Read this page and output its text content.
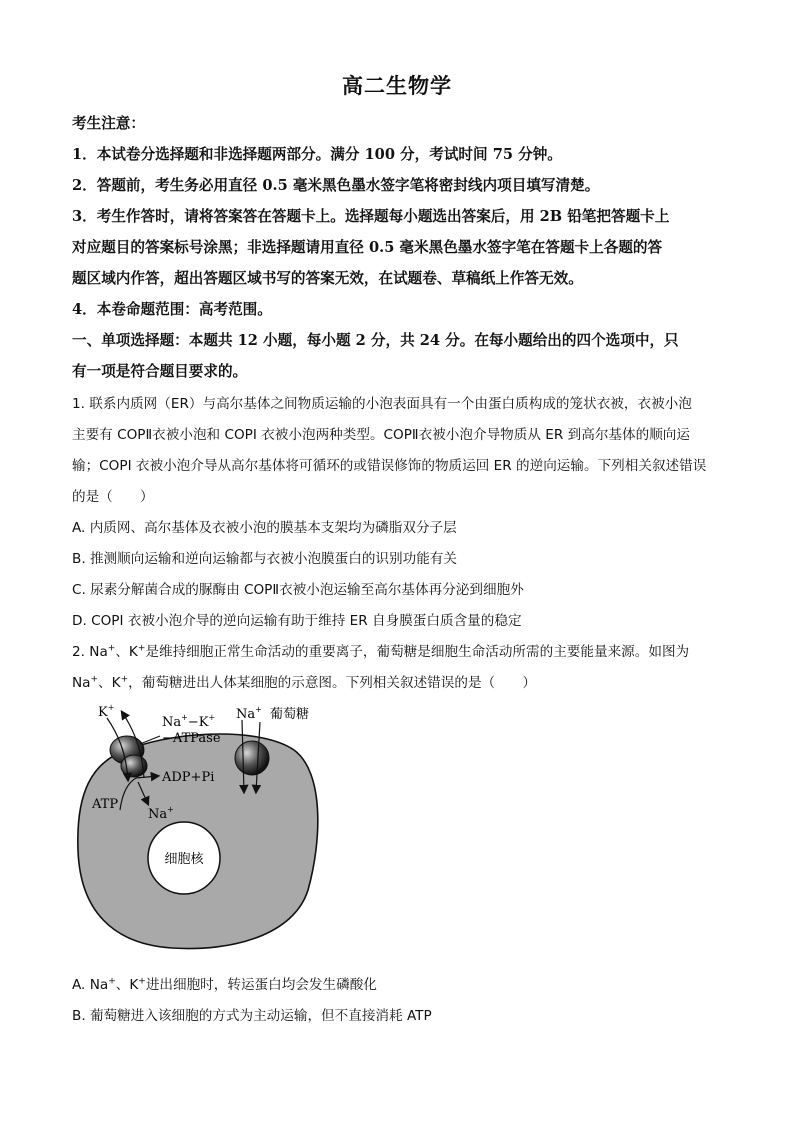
高二生物学
考生注意：
1．本试卷分选择题和非选择题两部分。满分 100 分，考试时间 75 分钟。
2．答题前，考生务必用直径 0.5 毫米黑色墨水签字笔将密封线内项目填写清楚。
3．考生作答时，请将答案答在答题卡上。选择题每小题选出答案后，用 2B 铅笔把答题卡上
对应题目的答案标号涂黑；非选择题请用直径 0.5 毫米黑色墨水签字笔在答题卡上各题的答
题区域内作答，超出答题区域书写的答案无效，在试题卷、草稿纸上作答无效。
4．本卷命题范围：高考范围。
一、单项选择题：本题共 12 小题，每小题 2 分，共 24 分。在每小题给出的四个选项中，只
有一项是符合题目要求的。
1. 联系内质网（ER）与高尔基体之间物质运输的小泡表面具有一个由蛋白质构成的笼状衣被，衣被小泡
主要有 COPⅡ衣被小泡和 COPI 衣被小泡两种类型。COPⅡ衣被小泡介导物质从 ER 到高尔基体的顺向运
输；COPI 衣被小泡介导从高尔基体将可循环的或错误修饰的物质运回 ER 的逆向运输。下列相关叙述错误
的是（　　）
A. 内质网、高尔基体及衣被小泡的膜基本支架均为磷脂双分子层
B. 推测顺向运输和逆向运输都与衣被小泡膜蛋白的识别功能有关
C. 尿素分解菌合成的脲酶由 COPⅡ衣被小泡运输至高尔基体再分泌到细胞外
D. COPI 衣被小泡介导的逆向运输有助于维持 ER 自身膜蛋白质含量的稳定
2. Na+、K+是维持细胞正常生命活动的重要离子，葡萄糖是细胞生命活动所需的主要能量来源。如图为
Na+、K+，葡萄糖进出人体某细胞的示意图。下列相关叙述错误的是（　　）
细胞核
K+
Na+−K+
−ATPase
Na+ 葡萄糖
ADP+Pi
ATP
Na+
A. Na+、K+进出细胞时，转运蛋白均会发生磷酸化
B. 葡萄糖进入该细胞的方式为主动运输，但不直接消耗 ATP
